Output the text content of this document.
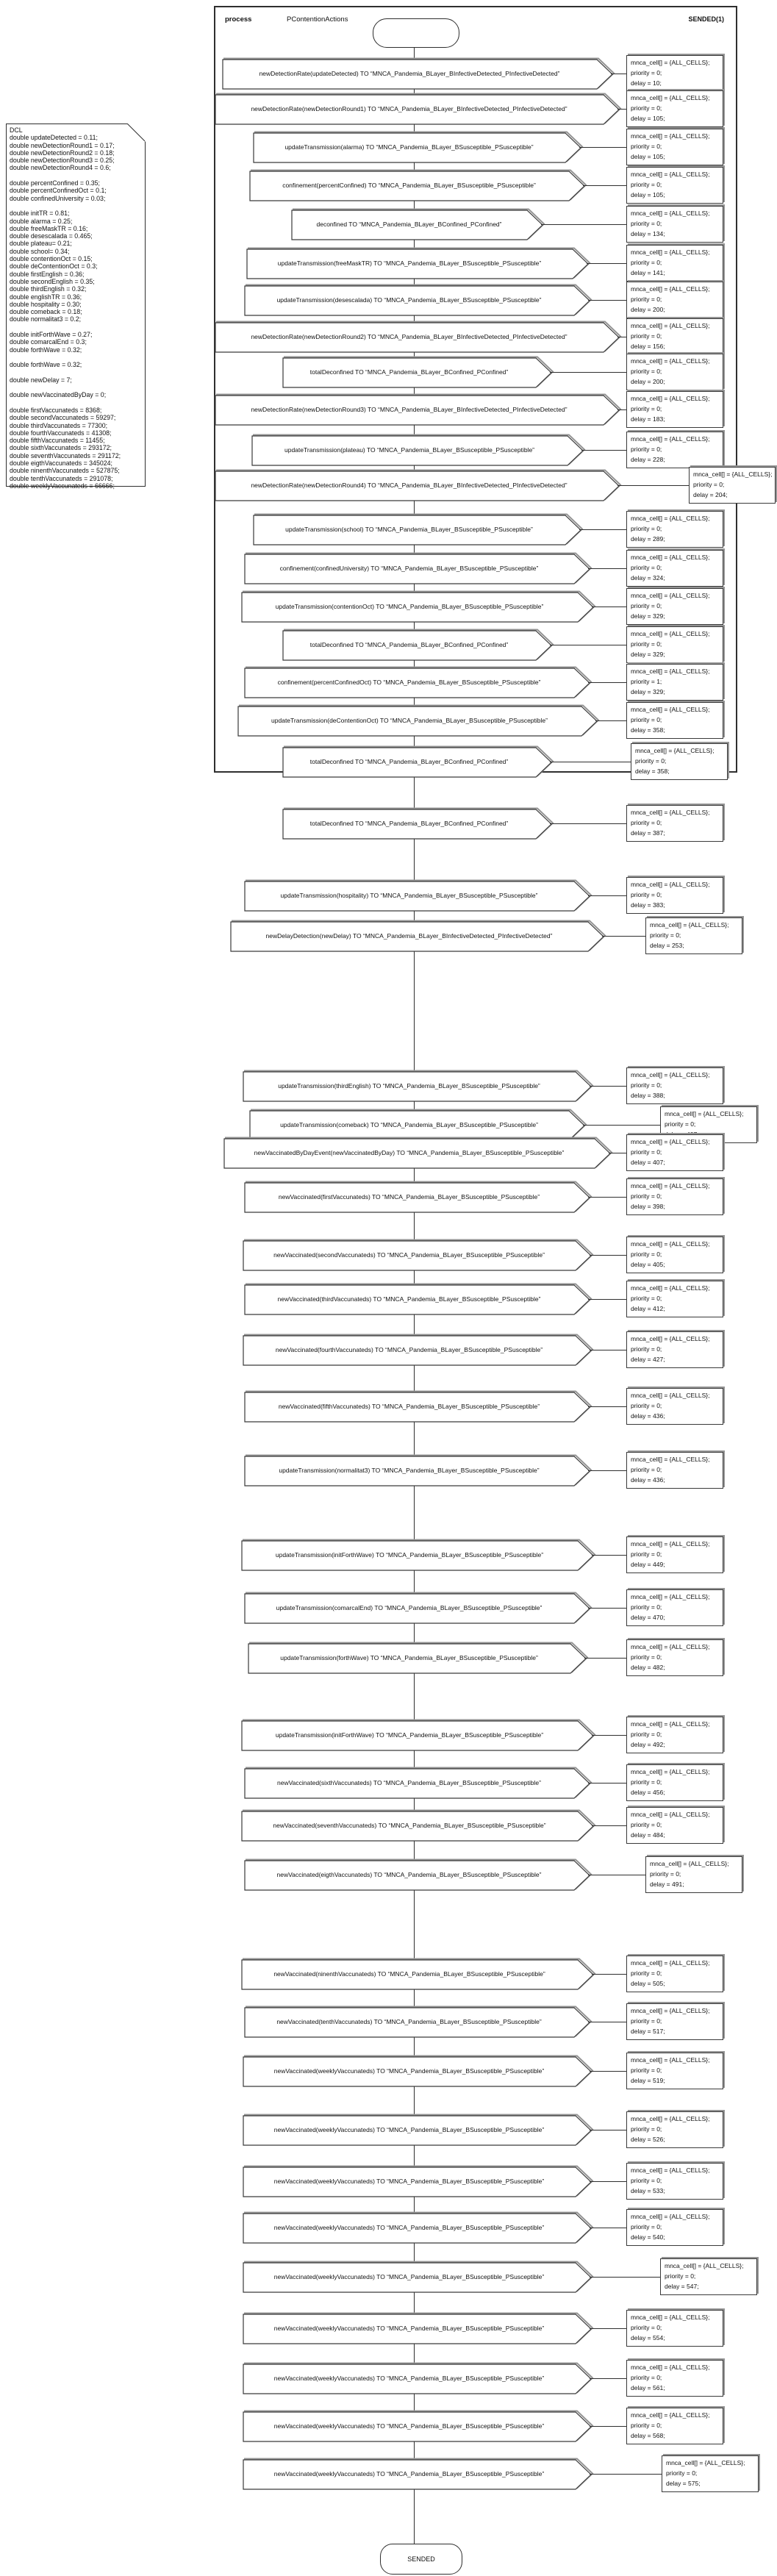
process	PContentionActions	SENDED(1)
DCL
double updateDetected = 0.11;
double newDetectionRound1 = 0.17;
double newDetectionRound2 = 0.18;
double newDetectionRound3 = 0.25;
double newDetectionRound4 = 0.6;

double percentConfined = 0.35;
double percentConfinedOct = 0.1;
double confinedUniversity = 0.03;

double initTR = 0.81;
double alarma = 0.25;
double freeMaskTR = 0.16;
double desescalada = 0.465;
double plateau= 0.21;
double school= 0.34;
double contentionOct = 0.15;
double deContentionOct = 0.3;
double firstEnglish = 0.36;
double secondEnglish = 0.35;
double thirdEnglish = 0.32;
double englishTR = 0.36;
double hospitality = 0.30;
double comeback = 0.18;
double normalitat3 = 0.2;

double initForthWave = 0.27;
double comarcalEnd = 0.3;
double forthWave = 0.32;

double forthWave = 0.32;

double newDelay = 7;

double newVaccinatedByDay = 0;

double firstVaccunateds = 8368;
double secondVaccunateds = 59297;
double thirdVaccunateds = 77300;
double fourthVaccunateds = 41308;
double fifthVaccunateds = 11455;
double sixthVaccunateds = 293172;
double seventhVaccunateds = 291172;
double eigthVaccunateds = 345024;
double ninenthVaccunateds = 527875;
double tenthVaccunateds = 291078;
double weeklyVaccunateds = 66666;
newDetectionRate(updateDetected) TO “MNCA_Pandemia_BLayer_BInfectiveDetected_PInfectiveDetected”
mnca_cell[] = {ALL_CELLS};
priority = 0;
delay = 10;
newDetectionRate(newDetectionRound1) TO “MNCA_Pandemia_BLayer_BInfectiveDetected_PInfectiveDetected”
mnca_cell[] = {ALL_CELLS};
priority = 0;
delay = 105;
updateTransmission(alarma) TO “MNCA_Pandemia_BLayer_BSusceptible_PSusceptible”
mnca_cell[] = {ALL_CELLS};
priority = 0;
delay = 105;
confinement(percentConfined) TO “MNCA_Pandemia_BLayer_BSusceptible_PSusceptible”
mnca_cell[] = {ALL_CELLS};
priority = 0;
delay = 105;
deconfined TO “MNCA_Pandemia_BLayer_BConfined_PConfined”
mnca_cell[] = {ALL_CELLS};
priority = 0;
delay = 134;
updateTransmission(freeMaskTR) TO “MNCA_Pandemia_BLayer_BSusceptible_PSusceptible”
mnca_cell[] = {ALL_CELLS};
priority = 0;
delay = 141;
updateTransmission(desescalada) TO “MNCA_Pandemia_BLayer_BSusceptible_PSusceptible”
mnca_cell[] = {ALL_CELLS};
priority = 0;
delay = 200;
newDetectionRate(newDetectionRound2) TO “MNCA_Pandemia_BLayer_BInfectiveDetected_PInfectiveDetected”
mnca_cell[] = {ALL_CELLS};
priority = 0;
delay = 156;
totalDeconfined TO “MNCA_Pandemia_BLayer_BConfined_PConfined”
mnca_cell[] = {ALL_CELLS};
priority = 0;
delay = 200;
newDetectionRate(newDetectionRound3) TO “MNCA_Pandemia_BLayer_BInfectiveDetected_PInfectiveDetected”
mnca_cell[] = {ALL_CELLS};
priority = 0;
delay = 183;
updateTransmission(plateau) TO “MNCA_Pandemia_BLayer_BSusceptible_PSusceptible”
mnca_cell[] = {ALL_CELLS};
priority = 0;
delay = 228;
newDetectionRate(newDetectionRound4) TO “MNCA_Pandemia_BLayer_BInfectiveDetected_PInfectiveDetected”
mnca_cell[] = {ALL_CELLS};
priority = 0;
delay = 204;
updateTransmission(school) TO “MNCA_Pandemia_BLayer_BSusceptible_PSusceptible”
mnca_cell[] = {ALL_CELLS};
priority = 0;
delay = 289;
confinement(confinedUniversity) TO “MNCA_Pandemia_BLayer_BSusceptible_PSusceptible”
mnca_cell[] = {ALL_CELLS};
priority = 0;
delay = 324;
updateTransmission(contentionOct) TO “MNCA_Pandemia_BLayer_BSusceptible_PSusceptible”
mnca_cell[] = {ALL_CELLS};
priority = 0;
delay = 329;
totalDeconfined TO “MNCA_Pandemia_BLayer_BConfined_PConfined”
mnca_cell[] = {ALL_CELLS};
priority = 0;
delay = 329;
confinement(percentConfinedOct) TO “MNCA_Pandemia_BLayer_BSusceptible_PSusceptible”
mnca_cell[] = {ALL_CELLS};
priority = 1;
delay = 329;
updateTransmission(deContentionOct) TO “MNCA_Pandemia_BLayer_BSusceptible_PSusceptible”
mnca_cell[] = {ALL_CELLS};
priority = 0;
delay = 358;
totalDeconfined TO “MNCA_Pandemia_BLayer_BConfined_PConfined”
mnca_cell[] = {ALL_CELLS};
priority = 0;
delay = 358;
totalDeconfined TO “MNCA_Pandemia_BLayer_BConfined_PConfined”
mnca_cell[] = {ALL_CELLS};
priority = 0;
delay = 387;
updateTransmission(hospitality) TO “MNCA_Pandemia_BLayer_BSusceptible_PSusceptible”
mnca_cell[] = {ALL_CELLS};
priority = 0;
delay = 383;
newDelayDetection(newDelay) TO “MNCA_Pandemia_BLayer_BInfectiveDetected_PInfectiveDetected”
mnca_cell[] = {ALL_CELLS};
priority = 0;
delay = 253;
updateTransmission(thirdEnglish) TO “MNCA_Pandemia_BLayer_BSusceptible_PSusceptible”
mnca_cell[] = {ALL_CELLS};
priority = 0;
delay = 388;
updateTransmission(comeback) TO “MNCA_Pandemia_BLayer_BSusceptible_PSusceptible”
mnca_cell[] = {ALL_CELLS};
priority = 0;
newVaccinatedByDayEvent(newVaccinatedByDay) TO “MNCA_Pandemia_BLayer_BSusceptible_PSusceptible”
mnca_cell[] = {ALL_CELLS};
priority = 0;
delay = 407;
newVaccinated(firstVaccunateds) TO “MNCA_Pandemia_BLayer_BSusceptible_PSusceptible”
mnca_cell[] = {ALL_CELLS};
priority = 0;
delay = 398;
newVaccinated(secondVaccunateds) TO “MNCA_Pandemia_BLayer_BSusceptible_PSusceptible”
mnca_cell[] = {ALL_CELLS};
priority = 0;
delay = 405;
newVaccinated(thirdVaccunateds) TO “MNCA_Pandemia_BLayer_BSusceptible_PSusceptible”
mnca_cell[] = {ALL_CELLS};
priority = 0;
delay = 412;
newVaccinated(fourthVaccunateds) TO “MNCA_Pandemia_BLayer_BSusceptible_PSusceptible”
mnca_cell[] = {ALL_CELLS};
priority = 0;
delay = 427;
newVaccinated(fifthVaccunateds) TO “MNCA_Pandemia_BLayer_BSusceptible_PSusceptible”
mnca_cell[] = {ALL_CELLS};
priority = 0;
delay = 436;
updateTransmission(normalitat3) TO “MNCA_Pandemia_BLayer_BSusceptible_PSusceptible”
mnca_cell[] = {ALL_CELLS};
priority = 0;
delay = 436;
updateTransmission(initForthWave) TO “MNCA_Pandemia_BLayer_BSusceptible_PSusceptible”
mnca_cell[] = {ALL_CELLS};
priority = 0;
delay = 449;
updateTransmission(comarcalEnd) TO “MNCA_Pandemia_BLayer_BSusceptible_PSusceptible”
mnca_cell[] = {ALL_CELLS};
priority = 0;
delay = 470;
updateTransmission(forthWave) TO “MNCA_Pandemia_BLayer_BSusceptible_PSusceptible”
mnca_cell[] = {ALL_CELLS};
priority = 0;
delay = 482;
updateTransmission(initForthWave) TO “MNCA_Pandemia_BLayer_BSusceptible_PSusceptible”
mnca_cell[] = {ALL_CELLS};
priority = 0;
delay = 492;
newVaccinated(sixthVaccunateds) TO “MNCA_Pandemia_BLayer_BSusceptible_PSusceptible”
mnca_cell[] = {ALL_CELLS};
priority = 0;
delay = 456;
newVaccinated(seventhVaccunateds) TO “MNCA_Pandemia_BLayer_BSusceptible_PSusceptible”
mnca_cell[] = {ALL_CELLS};
priority = 0;
delay = 484;
newVaccinated(eigthVaccunateds) TO “MNCA_Pandemia_BLayer_BSusceptible_PSusceptible”
mnca_cell[] = {ALL_CELLS};
priority = 0;
delay = 491;
newVaccinated(ninenthVaccunateds) TO “MNCA_Pandemia_BLayer_BSusceptible_PSusceptible”
mnca_cell[] = {ALL_CELLS};
priority = 0;
delay = 505;
newVaccinated(tenthVaccunateds) TO “MNCA_Pandemia_BLayer_BSusceptible_PSusceptible”
mnca_cell[] = {ALL_CELLS};
priority = 0;
delay = 517;
newVaccinated(weeklyVaccunateds) TO “MNCA_Pandemia_BLayer_BSusceptible_PSusceptible”
mnca_cell[] = {ALL_CELLS};
priority = 0;
delay = 519;
newVaccinated(weeklyVaccunateds) TO “MNCA_Pandemia_BLayer_BSusceptible_PSusceptible”
mnca_cell[] = {ALL_CELLS};
priority = 0;
delay = 526;
newVaccinated(weeklyVaccunateds) TO “MNCA_Pandemia_BLayer_BSusceptible_PSusceptible”
mnca_cell[] = {ALL_CELLS};
priority = 0;
delay = 533;
newVaccinated(weeklyVaccunateds) TO “MNCA_Pandemia_BLayer_BSusceptible_PSusceptible”
mnca_cell[] = {ALL_CELLS};
priority = 0;
delay = 540;
newVaccinated(weeklyVaccunateds) TO “MNCA_Pandemia_BLayer_BSusceptible_PSusceptible”
mnca_cell[] = {ALL_CELLS};
priority = 0;
delay = 547;
newVaccinated(weeklyVaccunateds) TO “MNCA_Pandemia_BLayer_BSusceptible_PSusceptible”
mnca_cell[] = {ALL_CELLS};
priority = 0;
delay = 554;
newVaccinated(weeklyVaccunateds) TO “MNCA_Pandemia_BLayer_BSusceptible_PSusceptible”
mnca_cell[] = {ALL_CELLS};
priority = 0;
delay = 561;
newVaccinated(weeklyVaccunateds) TO “MNCA_Pandemia_BLayer_BSusceptible_PSusceptible”
mnca_cell[] = {ALL_CELLS};
priority = 0;
delay = 568;
newVaccinated(weeklyVaccunateds) TO “MNCA_Pandemia_BLayer_BSusceptible_PSusceptible”
mnca_cell[] = {ALL_CELLS};
priority = 0;
delay = 575;
SENDED
